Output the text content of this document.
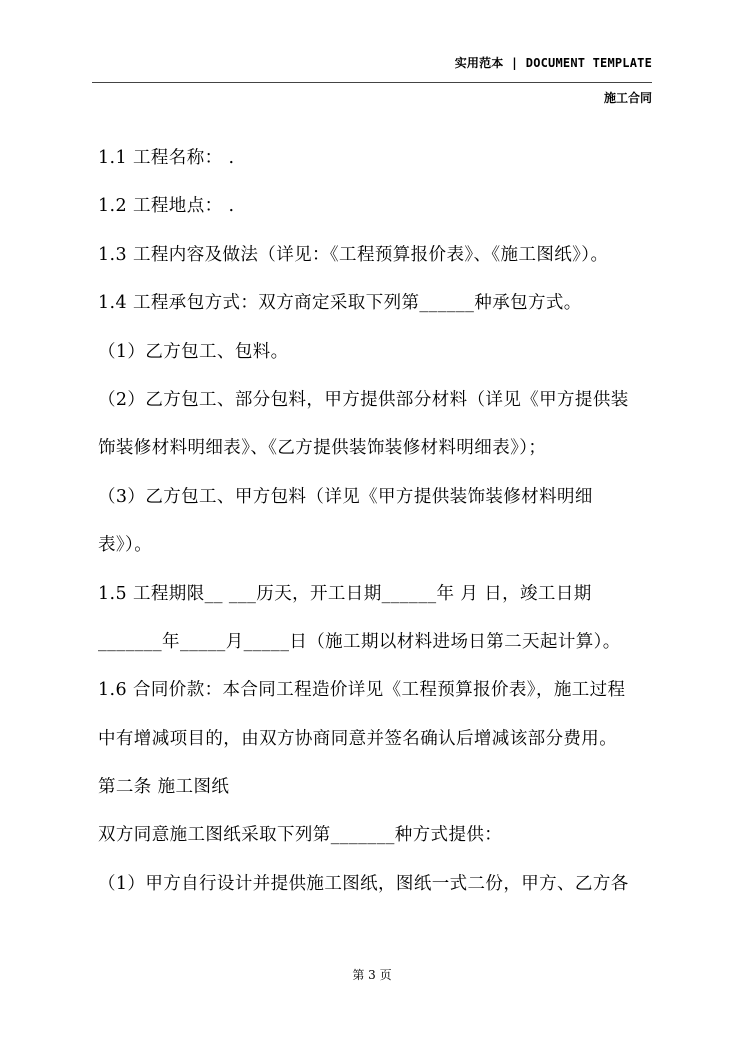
实用范本 | DOCUMENT TEMPLATE
施工合同
1.1 工程名称： .
1.2 工程地点： .
1.3 工程内容及做法（详见：《工程预算报价表》、《施工图纸》）。
1.4 工程承包方式：双方商定采取下列第______种承包方式。
（1）乙方包工、包料。
（2）乙方包工、部分包料，甲方提供部分材料（详见《甲方提供装
饰装修材料明细表》、《乙方提供装饰装修材料明细表》）；
（3）乙方包工、甲方包料（详见《甲方提供装饰装修材料明细
表》）。
1.5 工程期限__ ___历天，开工日期______年 月 日，竣工日期
_______年_____月_____日（施工期以材料进场日第二天起计算）。
1.6 合同价款：本合同工程造价详见《工程预算报价表》，施工过程
中有增减项目的，由双方协商同意并签名确认后增减该部分费用。
第二条 施工图纸
双方同意施工图纸采取下列第_______种方式提供：
（1）甲方自行设计并提供施工图纸，图纸一式二份，甲方、乙方各
第 3 页
